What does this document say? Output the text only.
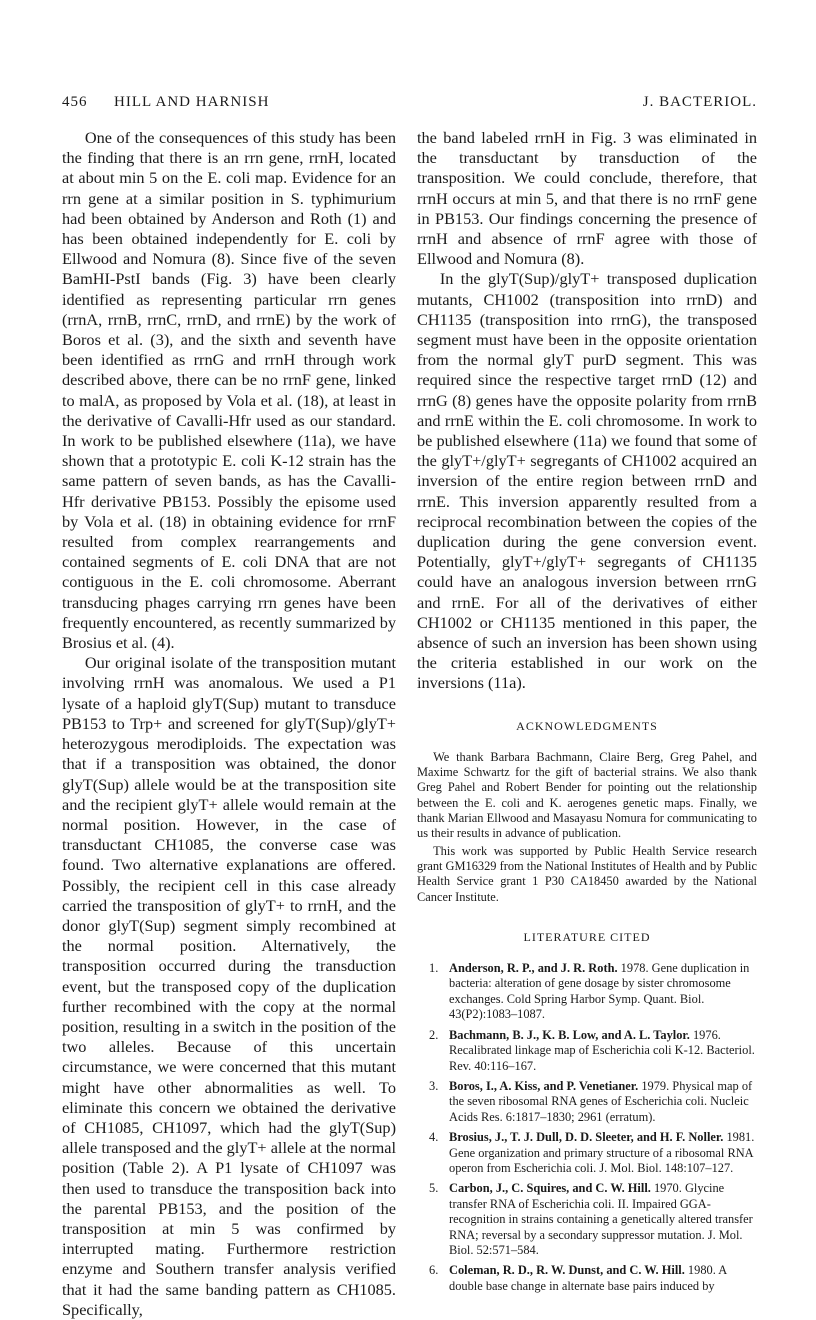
456 HILL AND HARNISH	J. BACTERIOL.

One of the consequences of this study has been the finding that there is an rrn gene, rrnH, located at about min 5 on the E. coli map. Evidence for an rrn gene at a similar position in S. typhimurium had been obtained by Anderson and Roth (1) and has been obtained independently for E. coli by Ellwood and Nomura (8). Since five of the seven BamHI-PstI bands (Fig. 3) have been clearly identified as representing particular rrn genes (rrnA, rrnB, rrnC, rrnD, and rrnE) by the work of Boros et al. (3), and the sixth and seventh have been identified as rrnG and rrnH through work described above, there can be no rrnF gene, linked to malA, as proposed by Vola et al. (18), at least in the derivative of Cavalli-Hfr used as our standard. In work to be published elsewhere (11a), we have shown that a prototypic E. coli K-12 strain has the same pattern of seven bands, as has the Cavalli-Hfr derivative PB153. Possibly the episome used by Vola et al. (18) in obtaining evidence for rrnF resulted from complex rearrangements and contained segments of E. coli DNA that are not contiguous in the E. coli chromosome. Aberrant transducing phages carrying rrn genes have been frequently encountered, as recently summarized by Brosius et al. (4).

Our original isolate of the transposition mutant involving rrnH was anomalous. We used a P1 lysate of a haploid glyT(Sup) mutant to transduce PB153 to Trp+ and screened for glyT(Sup)/glyT+ heterozygous merodiploids. The expectation was that if a transposition was obtained, the donor glyT(Sup) allele would be at the transposition site and the recipient glyT+ allele would remain at the normal position. However, in the case of transductant CH1085, the converse case was found. Two alternative explanations are offered. Possibly, the recipient cell in this case already carried the transposition of glyT+ to rrnH, and the donor glyT(Sup) segment simply recombined at the normal position. Alternatively, the transposition occurred during the transduction event, but the transposed copy of the duplication further recombined with the copy at the normal position, resulting in a switch in the position of the two alleles. Because of this uncertain circumstance, we were concerned that this mutant might have other abnormalities as well. To eliminate this concern we obtained the derivative of CH1085, CH1097, which had the glyT(Sup) allele transposed and the glyT+ allele at the normal position (Table 2). A P1 lysate of CH1097 was then used to transduce the transposition back into the parental PB153, and the position of the transposition at min 5 was confirmed by interrupted mating. Furthermore restriction enzyme and Southern transfer analysis verified that it had the same banding pattern as CH1085. Specifically,

the band labeled rrnH in Fig. 3 was eliminated in the transductant by transduction of the transposition. We could conclude, therefore, that rrnH occurs at min 5, and that there is no rrnF gene in PB153. Our findings concerning the presence of rrnH and absence of rrnF agree with those of Ellwood and Nomura (8).

In the glyT(Sup)/glyT+ transposed duplication mutants, CH1002 (transposition into rrnD) and CH1135 (transposition into rrnG), the transposed segment must have been in the opposite orientation from the normal glyT purD segment. This was required since the respective target rrnD (12) and rrnG (8) genes have the opposite polarity from rrnB and rrnE within the E. coli chromosome. In work to be published elsewhere (11a) we found that some of the glyT+/glyT+ segregants of CH1002 acquired an inversion of the entire region between rrnD and rrnE. This inversion apparently resulted from a reciprocal recombination between the copies of the duplication during the gene conversion event. Potentially, glyT+/glyT+ segregants of CH1135 could have an analogous inversion between rrnG and rrnE. For all of the derivatives of either CH1002 or CH1135 mentioned in this paper, the absence of such an inversion has been shown using the criteria established in our work on the inversions (11a).

ACKNOWLEDGMENTS

We thank Barbara Bachmann, Claire Berg, Greg Pahel, and Maxime Schwartz for the gift of bacterial strains. We also thank Greg Pahel and Robert Bender for pointing out the relationship between the E. coli and K. aerogenes genetic maps. Finally, we thank Marian Ellwood and Masayasu Nomura for communicating to us their results in advance of publication.

This work was supported by Public Health Service research grant GM16329 from the National Institutes of Health and by Public Health Service grant 1 P30 CA18450 awarded by the National Cancer Institute.

LITERATURE CITED
1. Anderson, R. P., and J. R. Roth. 1978. Gene duplication in bacteria: alteration of gene dosage by sister chromosome exchanges. Cold Spring Harbor Symp. Quant. Biol. 43(P2):1083–1087.
2. Bachmann, B. J., K. B. Low, and A. L. Taylor. 1976. Recalibrated linkage map of Escherichia coli K-12. Bacteriol. Rev. 40:116–167.
3. Boros, I., A. Kiss, and P. Venetianer. 1979. Physical map of the seven ribosomal RNA genes of Escherichia coli. Nucleic Acids Res. 6:1817–1830; 2961 (erratum).
4. Brosius, J., T. J. Dull, D. D. Sleeter, and H. F. Noller. 1981. Gene organization and primary structure of a ribosomal RNA operon from Escherichia coli. J. Mol. Biol. 148:107–127.
5. Carbon, J., C. Squires, and C. W. Hill. 1970. Glycine transfer RNA of Escherichia coli. II. Impaired GGA-recognition in strains containing a genetically altered transfer RNA; reversal by a secondary suppressor mutation. J. Mol. Biol. 52:571–584.
6. Coleman, R. D., R. W. Dunst, and C. W. Hill. 1980. A double base change in alternate base pairs induced by
